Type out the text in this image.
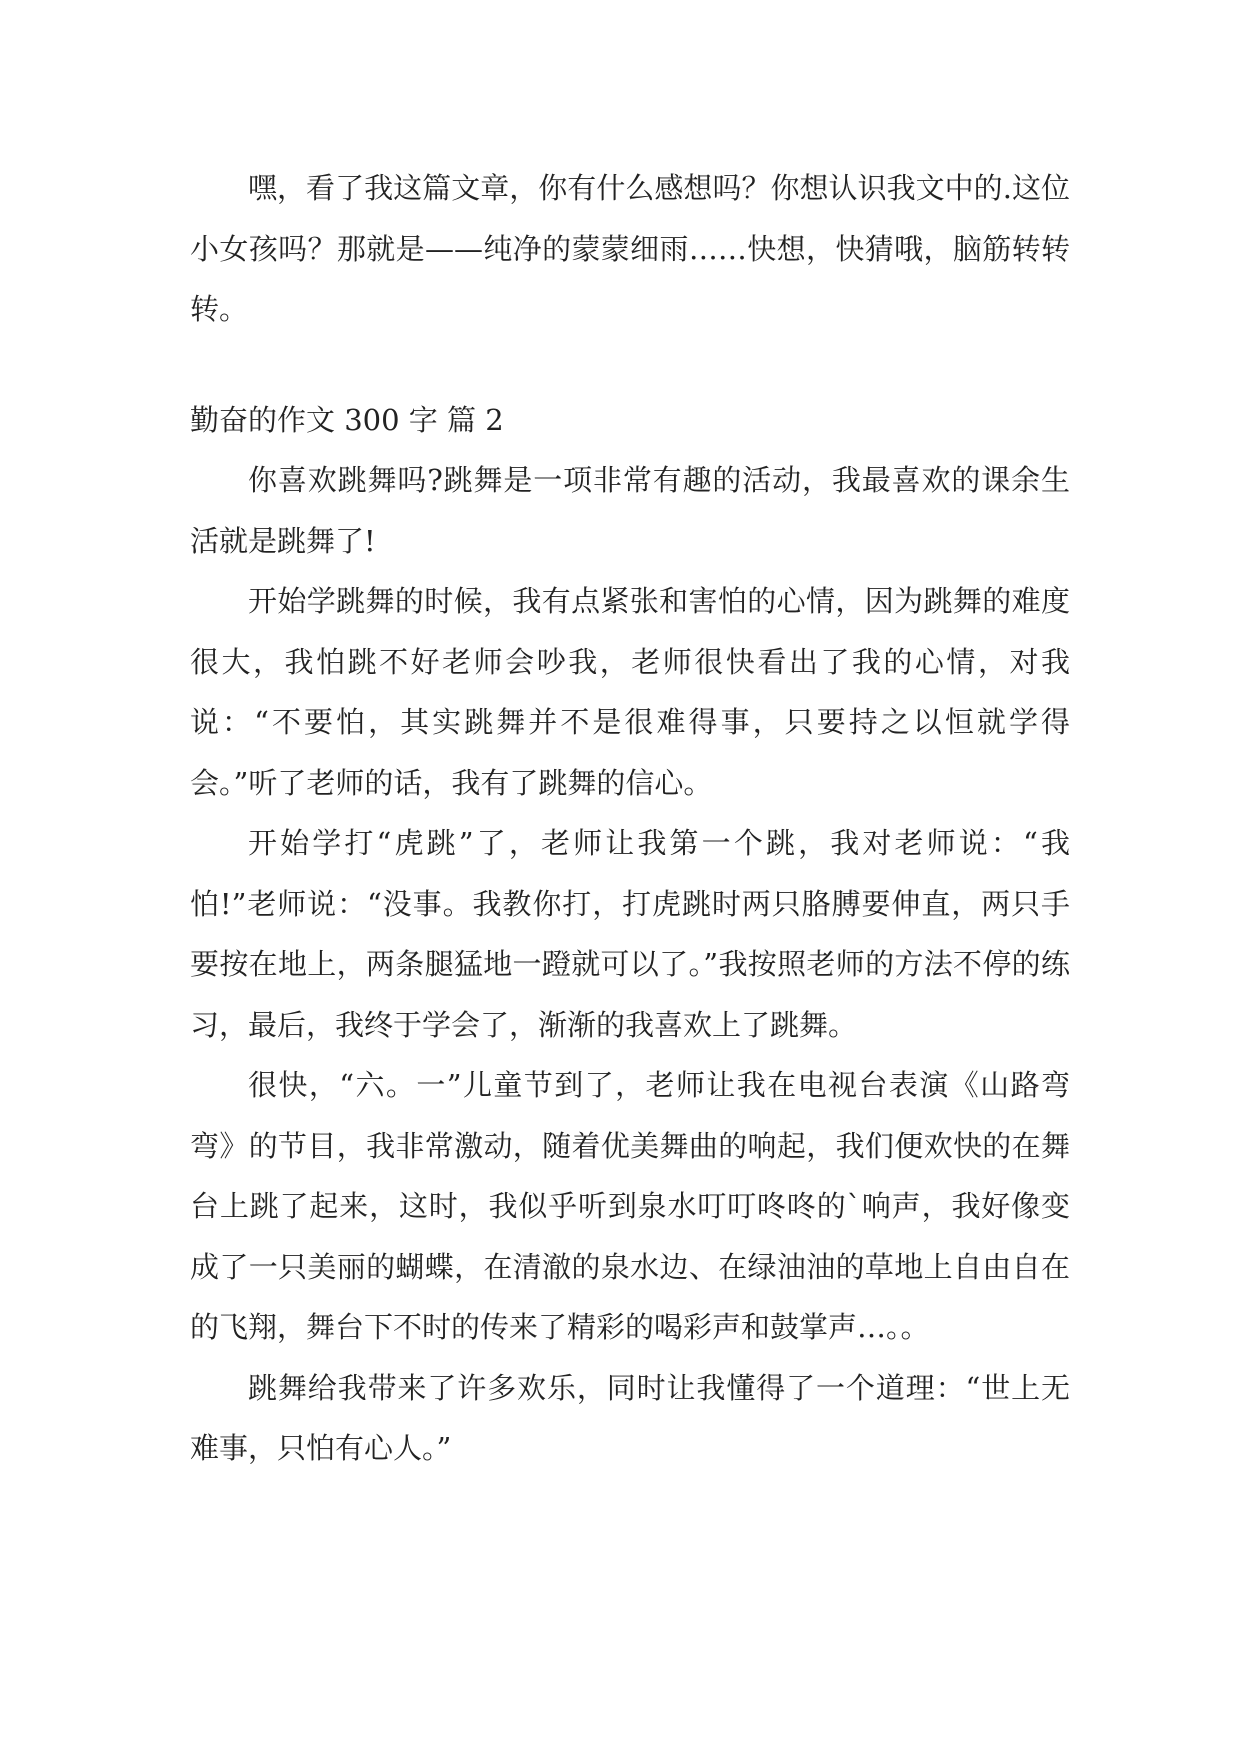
嘿，看了我这篇文章，你有什么感想吗？你想认识我文中的.这位小女孩吗？那就是——纯净的蒙蒙细雨……快想，快猜哦，脑筋转转转。

勤奋的作文 300 字 篇 2

你喜欢跳舞吗?跳舞是一项非常有趣的活动，我最喜欢的课余生活就是跳舞了!

开始学跳舞的时候，我有点紧张和害怕的心情，因为跳舞的难度很大，我怕跳不好老师会吵我，老师很快看出了我的心情，对我说：“不要怕，其实跳舞并不是很难得事，只要持之以恒就学得会。”听了老师的话，我有了跳舞的信心。

开始学打“虎跳”了，老师让我第一个跳，我对老师说：“我怕!”老师说：“没事。我教你打，打虎跳时两只胳膊要伸直，两只手要按在地上，两条腿猛地一蹬就可以了。”我按照老师的方法不停的练习，最后，我终于学会了，渐渐的我喜欢上了跳舞。

很快，“六。一”儿童节到了，老师让我在电视台表演《山路弯弯》的节目，我非常激动，随着优美舞曲的响起，我们便欢快的在舞台上跳了起来，这时，我似乎听到泉水叮叮咚咚的`响声，我好像变成了一只美丽的蝴蝶，在清澈的泉水边、在绿油油的草地上自由自在的飞翔，舞台下不时的传来了精彩的喝彩声和鼓掌声…。。

跳舞给我带来了许多欢乐，同时让我懂得了一个道理：“世上无难事，只怕有心人。”
